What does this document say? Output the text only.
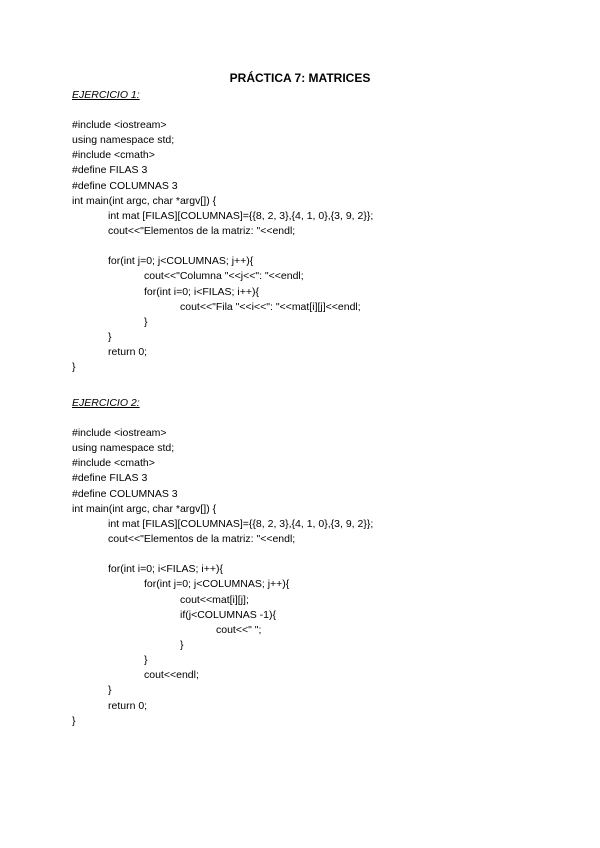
PRÁCTICA 7: MATRICES
EJERCICIO 1:
#include <iostream>
using namespace std;
#include <cmath>
#define FILAS 3
#define COLUMNAS 3
int main(int argc, char *argv[]) {
int mat [FILAS][COLUMNAS]={{8, 2, 3},{4, 1, 0},{3, 9, 2}};
cout<<"Elementos de la matriz: "<<endl;
for(int j=0; j<COLUMNAS; j++){
cout<<"Columna "<<j<<": "<<endl;
for(int i=0; i<FILAS; i++){
cout<<"Fila "<<i<<": "<<mat[i][j]<<endl;
}
}
return 0;
}
EJERCICIO 2:
#include <iostream>
using namespace std;
#include <cmath>
#define FILAS 3
#define COLUMNAS 3
int main(int argc, char *argv[]) {
int mat [FILAS][COLUMNAS]={{8, 2, 3},{4, 1, 0},{3, 9, 2}};
cout<<"Elementos de la matriz: "<<endl;
for(int i=0; i<FILAS; i++){
for(int j=0; j<COLUMNAS; j++){
cout<<mat[i][j];
if(j<COLUMNAS -1){
cout<<" ";
}
}
cout<<endl;
}
return 0;
}
